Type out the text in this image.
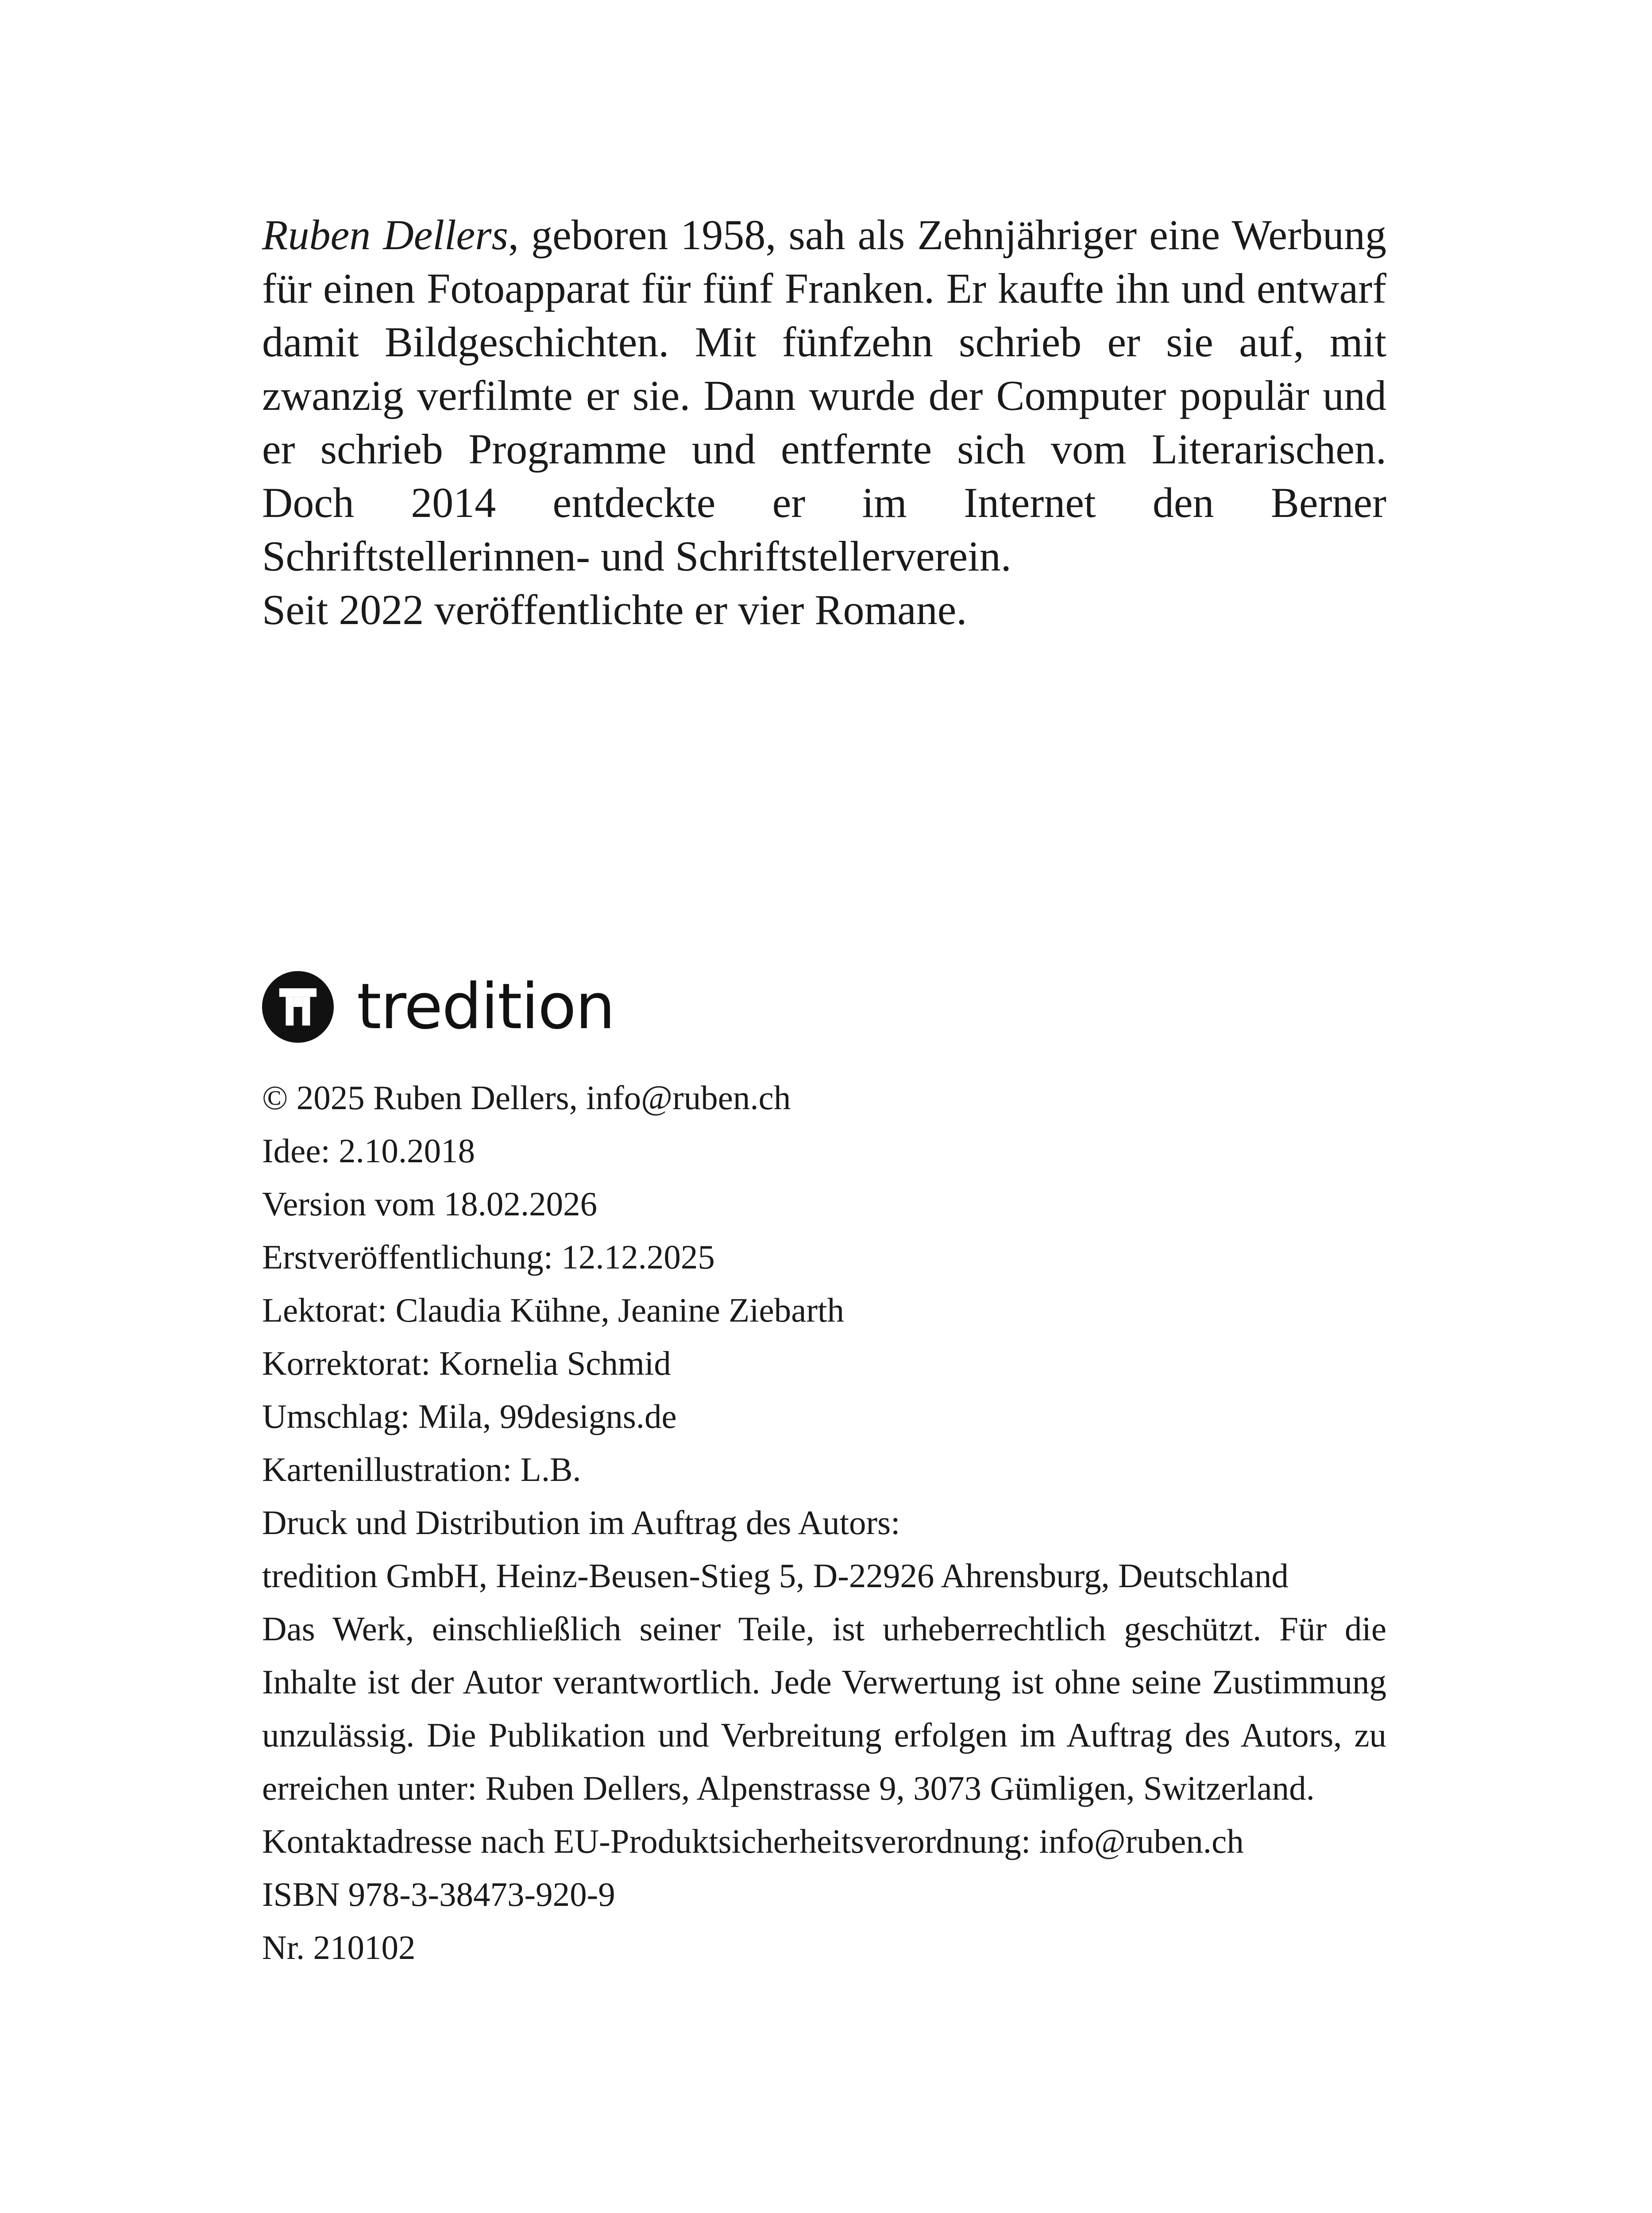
Ruben Dellers, geboren 1958, sah als Zehnjähriger eine Werbung für einen Fotoapparat für fünf Franken. Er kaufte ihn und entwarf damit Bildgeschichten. Mit fünfzehn schrieb er sie auf, mit zwanzig verfilmte er sie. Dann wurde der Computer populär und er schrieb Programme und entfernte sich vom Literarischen. Doch 2014 entdeckte er im Internet den Berner Schriftstellerinnen- und Schriftstellerverein.

Seit 2022 veröffentlichte er vier Romane.

tredition

© 2025 Ruben Dellers, info@ruben.ch

Idee: 2.10.2018

Version vom 18.02.2026

Erstveröffentlichung: 12.12.2025

Lektorat: Claudia Kühne, Jeanine Ziebarth

Korrektorat: Kornelia Schmid

Umschlag: Mila, 99designs.de

Kartenillustration: L.B.

Druck und Distribution im Auftrag des Autors:

tredition GmbH, Heinz-Beusen-Stieg 5, D-22926 Ahrensburg, Deutschland

Das Werk, einschließlich seiner Teile, ist urheberrechtlich geschützt. Für die Inhalte ist der Autor verantwortlich. Jede Verwertung ist ohne seine Zustimmung unzulässig. Die Publikation und Verbreitung erfolgen im Auftrag des Autors, zu erreichen unter: Ruben Dellers, Alpenstrasse 9, 3073 Gümligen, Switzerland.

Kontaktadresse nach EU-Produktsicherheitsverordnung: info@ruben.ch

ISBN 978-3-38473-920-9

Nr. 210102
